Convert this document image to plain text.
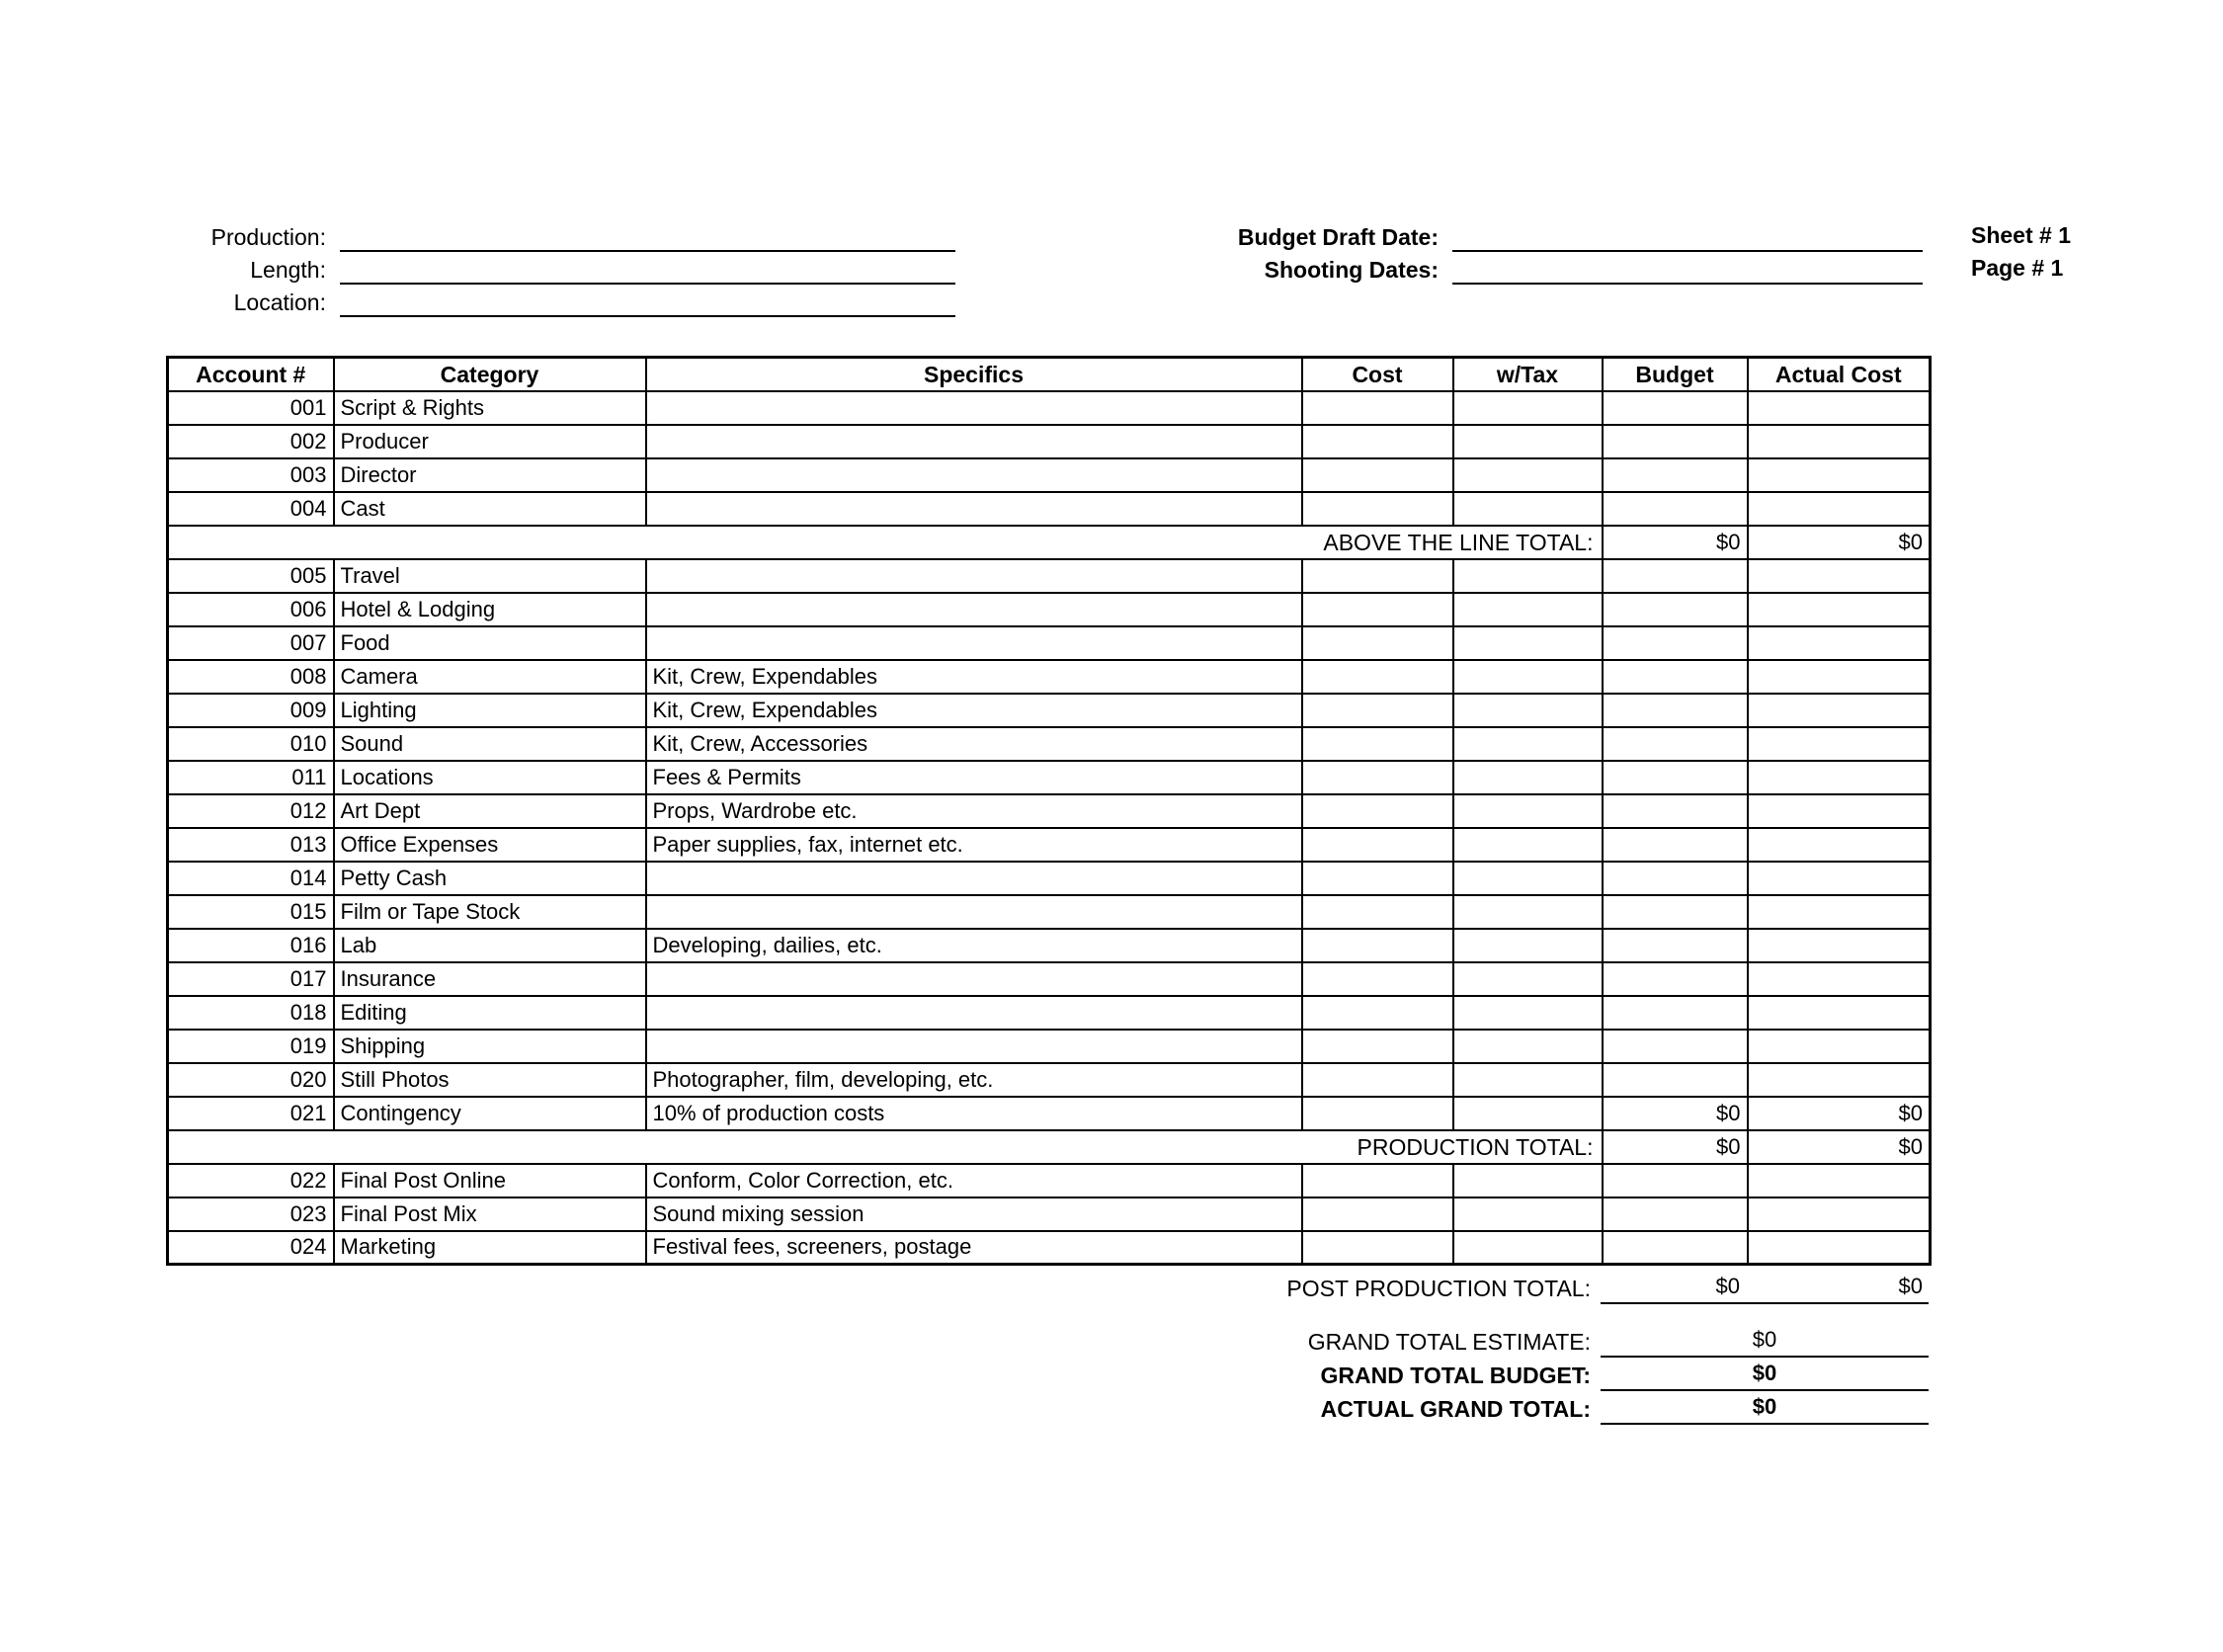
Production:
Length:
Location:
Budget Draft Date:
Shooting Dates:
Sheet # 1
Page # 1
Account #	Category	Specifics	Cost	w/Tax	Budget	Actual Cost
001	Script & Rights					
002	Producer					
003	Director					
004	Cast					
ABOVE THE LINE TOTAL:					$0	$0
005	Travel					
006	Hotel & Lodging					
007	Food					
008	Camera	Kit, Crew, Expendables				
009	Lighting	Kit, Crew, Expendables				
010	Sound	Kit, Crew, Accessories				
011	Locations	Fees & Permits				
012	Art Dept	Props, Wardrobe etc.				
013	Office Expenses	Paper supplies, fax, internet etc.				
014	Petty Cash					
015	Film or Tape Stock					
016	Lab	Developing, dailies, etc.				
017	Insurance					
018	Editing					
019	Shipping					
020	Still Photos	Photographer, film, developing, etc.				
021	Contingency	10% of production costs			$0	$0
PRODUCTION TOTAL:					$0	$0
022	Final Post Online	Conform, Color Correction, etc.				
023	Final Post Mix	Sound mixing session				
024	Marketing	Festival fees, screeners, postage				
POST PRODUCTION TOTAL:	$0	$0
GRAND TOTAL ESTIMATE:	$0
GRAND TOTAL BUDGET:	$0
ACTUAL GRAND TOTAL:	$0
